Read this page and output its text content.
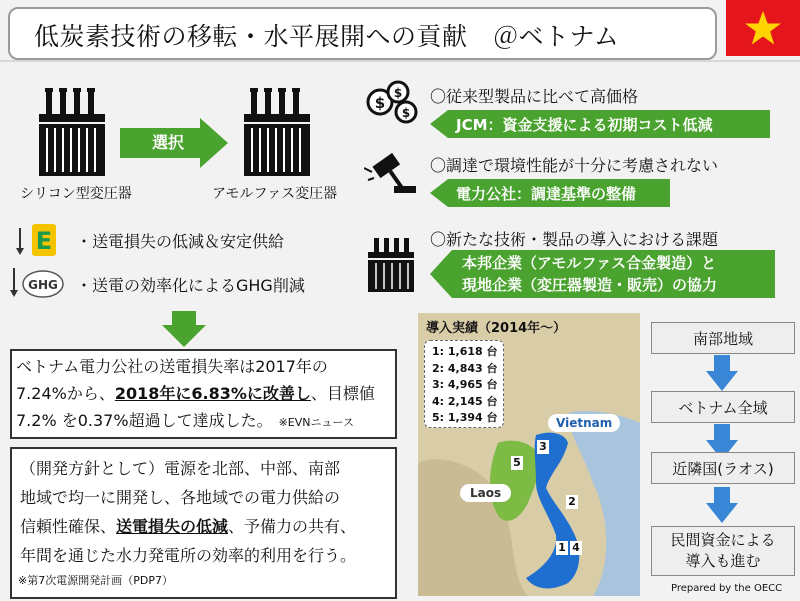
低炭素技術の移転・水平展開への貢献　＠ベトナム
シリコン型変圧器
選択
アモルファス変圧器
E ・送電損失の低減＆安定供給
GHG ・送電の効率化によるGHG削減
ベトナム電力公社の送電損失率は2017年の
7.24%から、2018年に6.83%に改善し、目標値
7.2% を0.37%超過して達成した。 ※EVNニュース
（開発方針として）電源を北部、中部、南部
地域で均一に開発し、各地域での電力供給の
信頼性確保、送電損失の低減、予備力の共有、
年間を通じた水力発電所の効率的利用を行う。
※第7次電源開発計画（PDP7）
$
$
$
〇従来型製品に比べて高価格
JCM：資金支援による初期コスト低減
〇調達で環境性能が十分に考慮されない
電力公社：調達基準の整備
〇新たな技術・製品の導入における課題
本邦企業（アモルファス合金製造）と
現地企業（変圧器製造・販売）の協力
導入実績（2014年～）
1: 1,618 台
2: 4,843 台
3: 4,965 台
4: 2,145 台
5: 1,394 台	Vietnam
Laos
3
5
2
1 4
南部地域
ベトナム全域
近隣国(ラオス)
民間資金による
導入も進む
Prepared by the OECC
